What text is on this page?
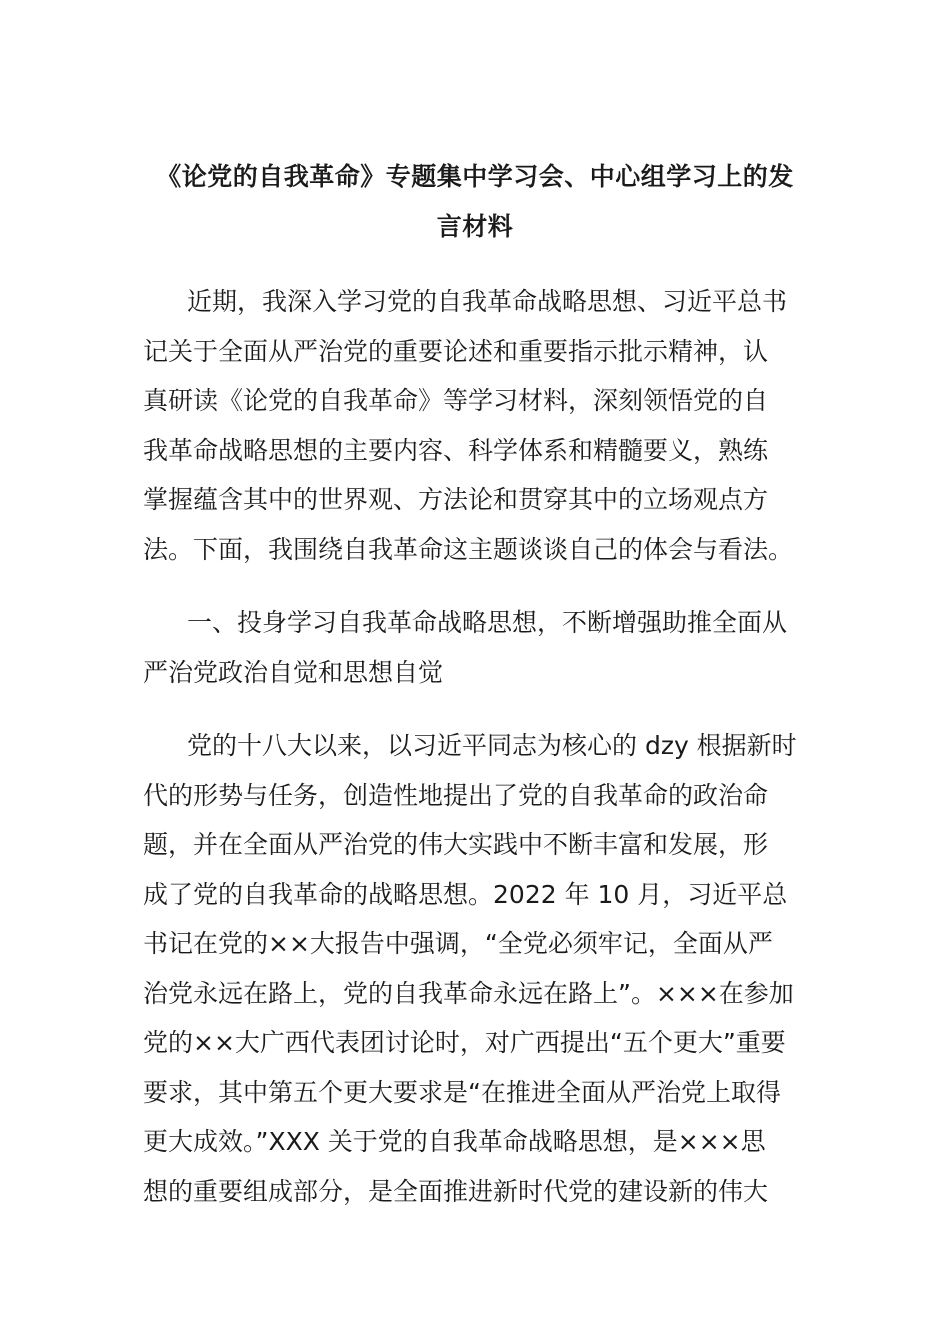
《论党的自我革命》专题集中学习会、中心组学习上的发
言材料
近期，我深入学习党的自我革命战略思想、习近平总书
记关于全面从严治党的重要论述和重要指示批示精神，认
真研读《论党的自我革命》等学习材料，深刻领悟党的自
我革命战略思想的主要内容、科学体系和精髓要义，熟练
掌握蕴含其中的世界观、方法论和贯穿其中的立场观点方
法。下面，我围绕自我革命这主题谈谈自己的体会与看法。
一、投身学习自我革命战略思想，不断增强助推全面从
严治党政治自觉和思想自觉
党的十八大以来，以习近平同志为核心的 dzy 根据新时
代的形势与任务，创造性地提出了党的自我革命的政治命
题，并在全面从严治党的伟大实践中不断丰富和发展，形
成了党的自我革命的战略思想。2022 年 10 月，习近平总
书记在党的××大报告中强调，“全党必须牢记，全面从严
治党永远在路上，党的自我革命永远在路上”。×××在参加
党的××大广西代表团讨论时，对广西提出“五个更大”重要
要求，其中第五个更大要求是“在推进全面从严治党上取得
更大成效。”XXX 关于党的自我革命战略思想，是×××思
想的重要组成部分，是全面推进新时代党的建设新的伟大
